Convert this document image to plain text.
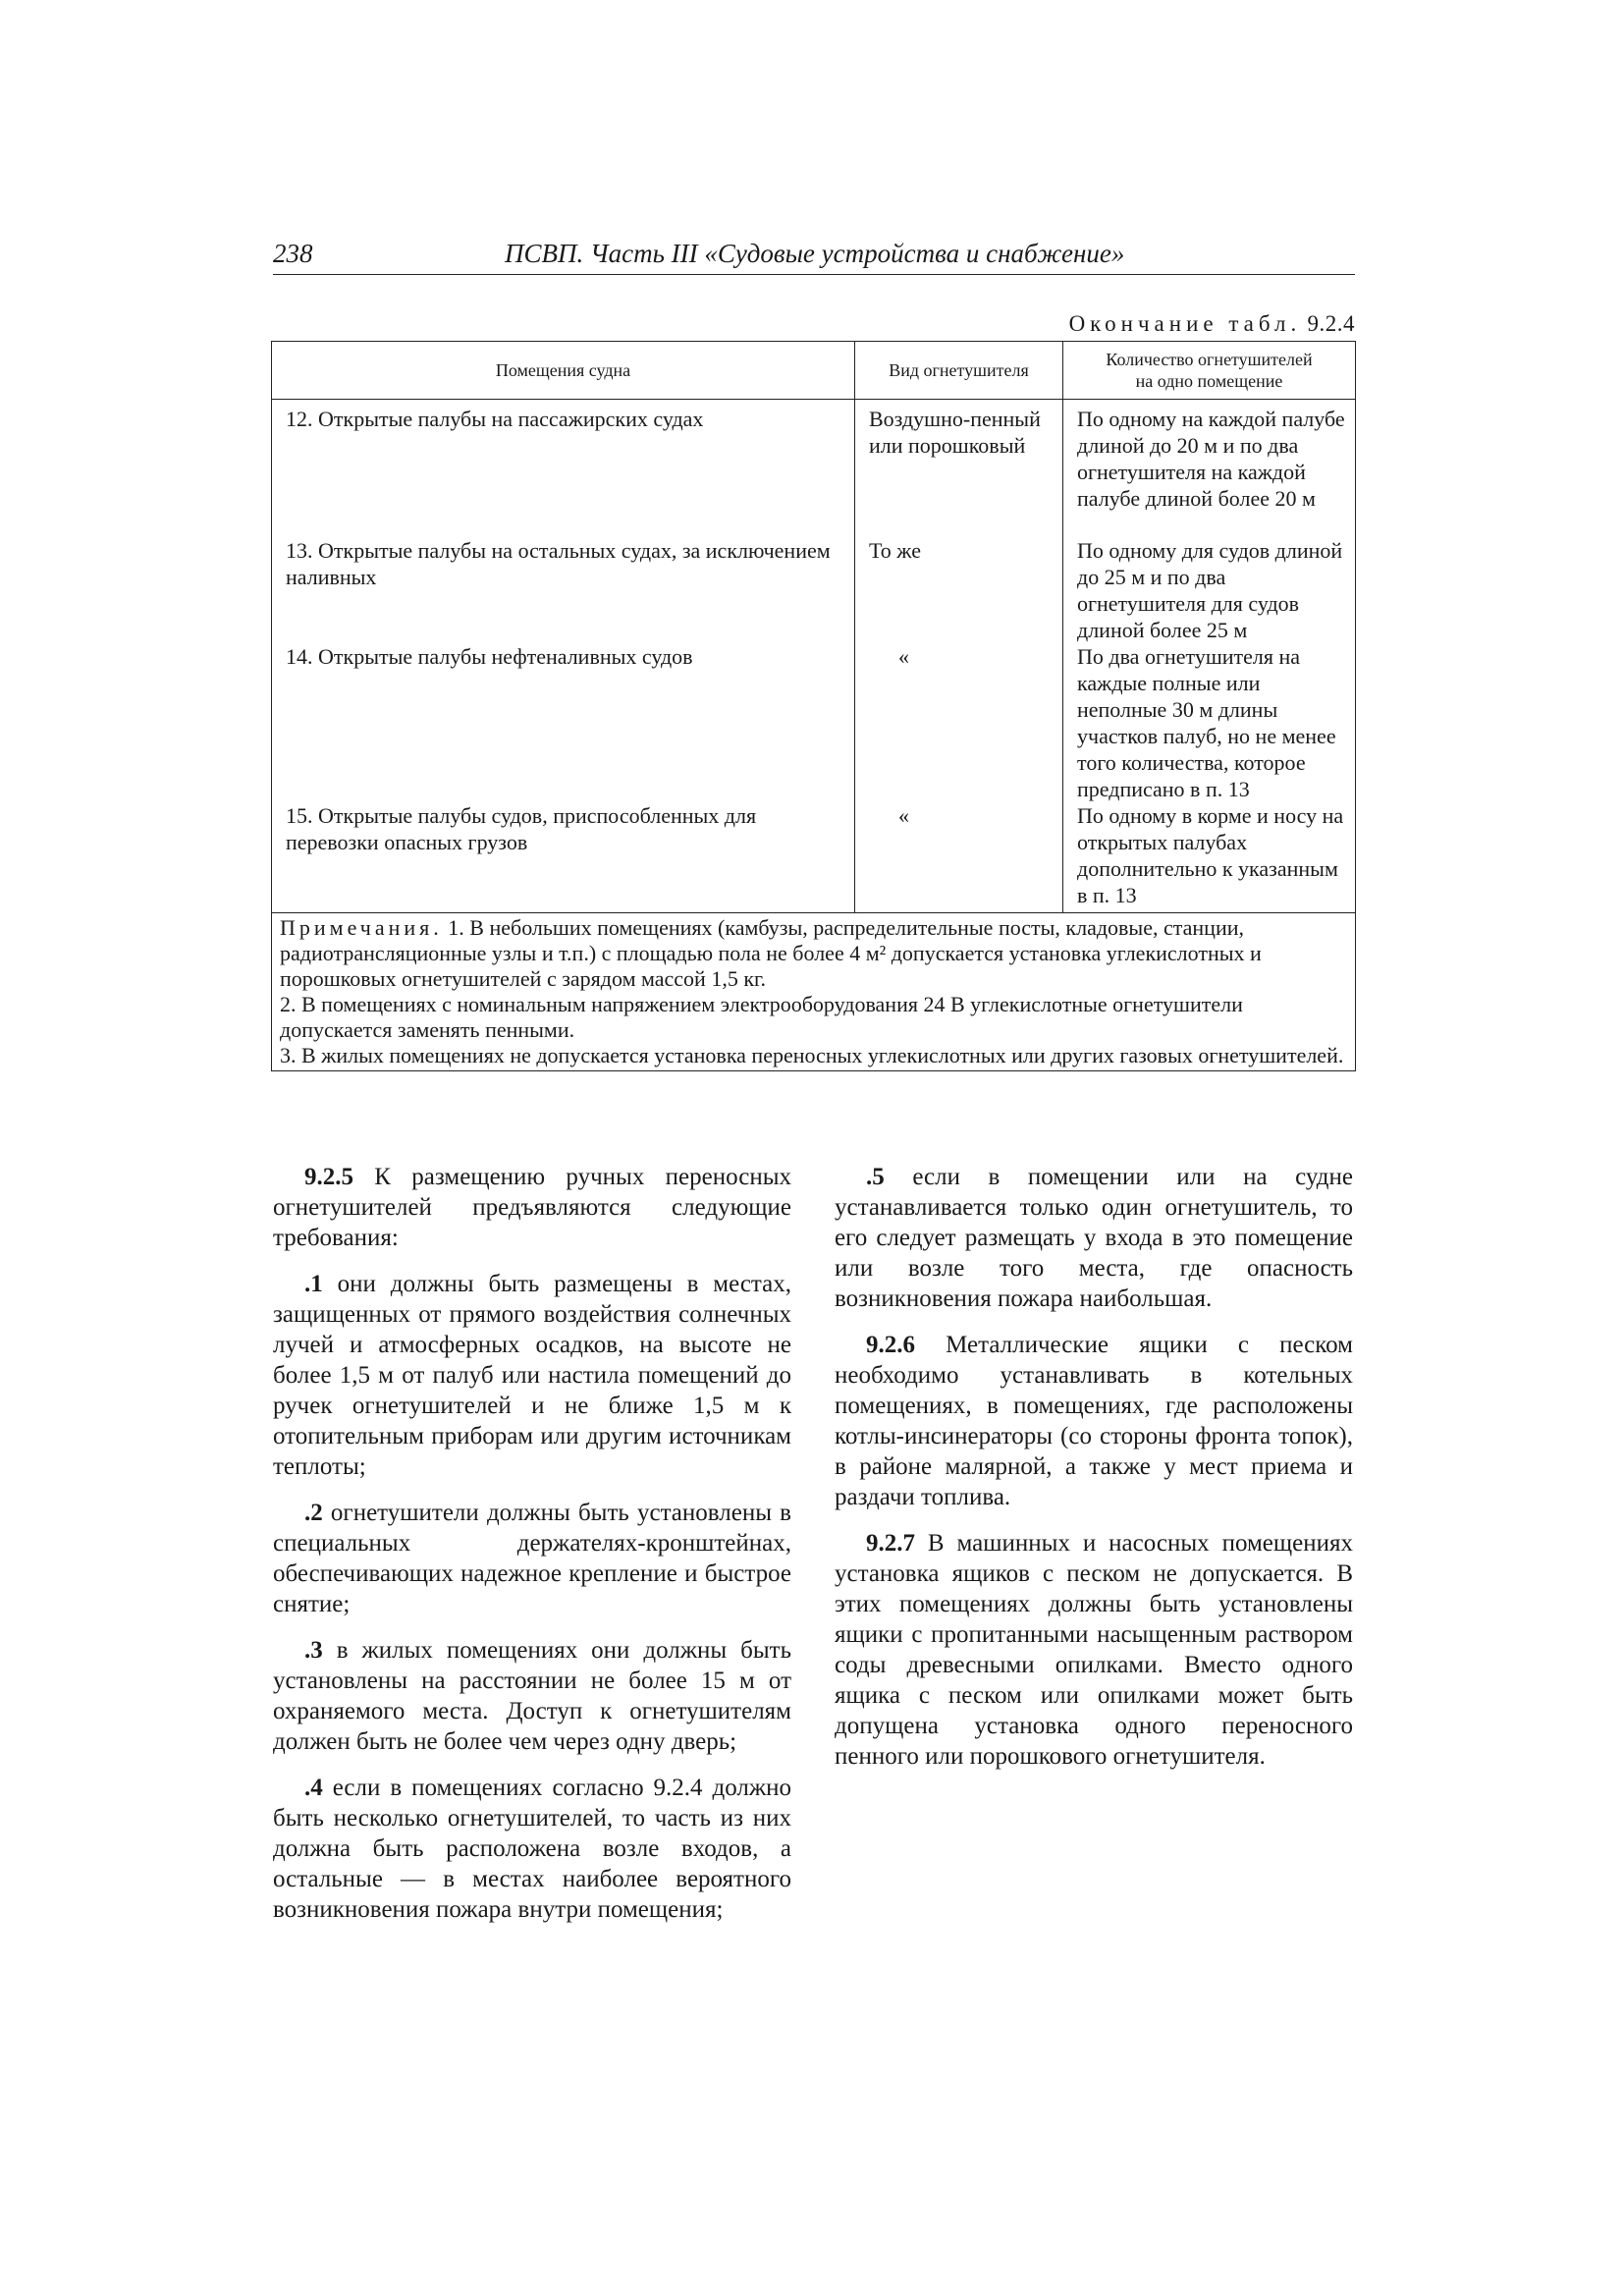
238	ПСВП. Часть III «Судовые устройства и снабжение»
Окончание табл. 9.2.4
Помещения судна	Вид огнетушителя	Количество огнетушителей
на одно помещение
12. Открытые палубы на пассажирских судах	Воздушно-пенный или порошковый	По одному на каждой палубе длиной до 20 м и по два огнетушителя на каждой палубе длиной более 20 м
13. Открытые палубы на остальных судах, за исключением наливных	То же	По одному для судов длиной до 25 м и по два огнетушителя для судов длиной более 25 м
14. Открытые палубы нефтеналивных судов	«	По два огнетушителя на каждые полные или неполные 30 м длины участков палуб, но не менее того количества, которое предписано в п. 13
15. Открытые палубы судов, приспособленных для перевозки опасных грузов	«	По одному в корме и носу на открытых палубах дополнительно к указанным в п. 13

Примечания. 1. В небольших помещениях (камбузы, распределительные посты, кладовые, станции, радиотрансляционные узлы и т.п.) с площадью пола не более 4 м² допускается установка углекислотных и порошковых огнетушителей с зарядом массой 1,5 кг.

2. В помещениях с номинальным напряжением электрооборудования 24 В углекислотные огнетушители допускается заменять пенными.

3. В жилых помещениях не допускается установка переносных углекислотных или других газовых огнетушителей.		

9.2.5 К размещению ручных переносных огнетушителей предъявляются следующие требования:

.1 они должны быть размещены в местах, защищенных от прямого воздействия солнечных лучей и атмосферных осадков, на высоте не более 1,5 м от палуб или настила помещений до ручек огнетушителей и не ближе 1,5 м к отопительным приборам или другим источникам теплоты;

.2 огнетушители должны быть установлены в специальных держателях-кронштейнах, обеспечивающих надежное крепление и быстрое снятие;

.3 в жилых помещениях они должны быть установлены на расстоянии не более 15 м от охраняемого места. Доступ к огнетушителям должен быть не более чем через одну дверь;

.4 если в помещениях согласно 9.2.4 должно быть несколько огнетушителей, то часть из них должна быть расположена возле входов, а остальные — в местах наиболее вероятного возникновения пожара внутри помещения;

.5 если в помещении или на судне устанавливается только один огнетушитель, то его следует размещать у входа в это помещение или возле того места, где опасность возникновения пожара наибольшая.

9.2.6 Металлические ящики с песком необходимо устанавливать в котельных помещениях, в помещениях, где расположены котлы-инсинераторы (со стороны фронта топок), в районе малярной, а также у мест приема и раздачи топлива.

9.2.7 В машинных и насосных помещениях установка ящиков с песком не допускается. В этих помещениях должны быть установлены ящики с пропитанными насыщенным раствором соды древесными опилками. Вместо одного ящика с песком или опилками может быть допущена установка одного переносного пенного или порошкового огнетушителя.
